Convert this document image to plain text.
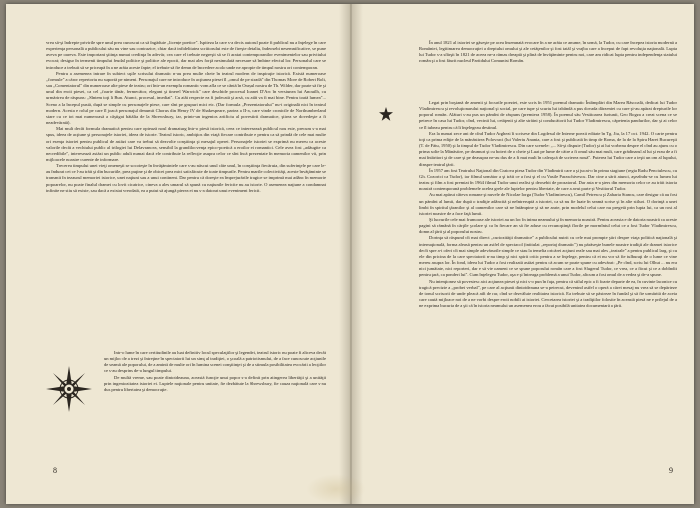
vrea să-şi îndrepte privirile spre unul prea cunoscut ca să îngăduie „licențe poetice". Ispiteza la care s-a decis autorul poate fi publicul nu a înţelege în care experienţa personală a publicului său nu vine sau contrazice, chiar dacă infidelitatea scriitorului este de fireşte detaliu, îndeosebi nesemnificative, se pune aveva pe oareva. Este important ştiinţa numai credinţa în adevăr, cea care el trebuie negreşit să se fi aratat contemporanilor evenimentelor sau privitului evocat; desigur în termenii timpului feudal politice şi politice ale epocii, dar mai ales forţă nesimulată necesare să îmbine efectul lor. Personalul care se introduce a trebuit să se priceapă în a ne arăta aceste fapte; el trebuie să fie demn de încredere acolo unde ne apropie de timpul nostru ori contemporan.

Pentru a asemenea intrare în subiect uşile scrisului dramatic n-au prea multe cheie în teatrul modern de inspiraţie istorică. Există numeroase „formule" a căror repertoriu nu suportă pe nimeni. Personajul care ne introduce în acţiunea piesei îl „omul de pe stradă" din Thomas More de Robert Bolt, sau „Comentatorul" din numeroase alte piese de teatru; ori într-un exemplu romantic vom afla ce se cântă în Orașul nostru de Th. Wilder, dar poate să fie şi unul din eroii piesei, ca cel „foarte tânăr, fermecător, elegant şi tinerel Warwick" care deschide procesul Ioanei D'Arc în versiunea lui Anouilh, cu urmărirea de răspuns: „Sîntem toţi li Bun. Atunci, procesul, imediat". Cu atât respecte ea fi judecată şi arsă, cu atât va fi mai bine. Pentru toată lumea"... Sceno a la începul pustă, după se simple cu personajele piese, care sînt pe grupuri mici etc. (Dar formula „Prezentatorului" nu-i originală nici în teatrul modern. Acesta e rolul pe care îl joacă personajul denumit Chorus din Henry IV de Shakespeare, partea a II-a, care vinde cronicile de Northumberland stare cu ce tot mai numeroasă a câştigat bătălia de la Shrewsbury, iar, printr-un ingenios artificiu al povestirii dramatice, ştirea se dovedeşte a fi neadevărată).

Mai mult decât formula dramatică pentru care optează noul dramaturg într-o piesă istorică, ceea ce interesează publicul nou este, precum s-a mai spus, ideea de acţiune şi personajele istoriei, ideea de istorie. Teatrul istoric, ambiţios din viaţă fiecare contribuie e pentru ca să prindă de cele mai multe ori esenţa istoriei pentru publicul de astăzi care va trebui să dezvolte conştiinţa şi mesajul operei. Personajele istoriei se exprimă nu mereu ca aceste valorile decât a vechiului public al trilogiei lui Delavrancea, sensibil la grandilocvenţa epico-poetică a eroilor ei romantici. Cele avea fost „adăugite ca necredibile", interesează astăzi un public adult numai dacă ele contribuie la reflecţie asupra celor ce sînt încă prezentate în memoria oamenilor vii, prin mijloacele noastre curente de informare.

Trecerea timpului unei vieţi omeneşti se socoteşte în învăţămintele care s-au născut unul câte unul, în conştiinţa fiecăruia, din suferinţele pe care le-au îndurat cei ce l-au trăit şi din bucuriile, prea puţine şi de obicei prea mici satisfăcute de toate timpurile. Pentru marile colectivităţi, aceste învăţăminte se transmit în tezaurul memoriei istorice, unei naţiuni sau a unui continent. Dar pentru că doreşte ea împrejurările tragice se imprimă mai adânc în memorie popoarelor, nu poate finalul dramei cu lovit cicatrice, cineva a ales umarul să spună cu naţiunile fericite nu au istorie. O asemenea naţiune a condamnat infinite ne stiu să existe, sau dacă a existat vreodată, ea a putut să ajungă pierea ei nu s-a datorat unui eveniment fericit.

Intr-o lume în care certitudinile au luat definitiv locul speculaţiilor şi legendei, teatrul istoric nu poate fi altceva decât un mijloc de a trezi şi întreţine în spectatorii lui un simţ al tradiţiei, o şcoală a patriotismului, de a face cunoscute acţiunile de seamă ale poporului, de a aminti de multe ori în lumina scenei conştiinţei şi de a stimula posibilitatea evocării a lecţiilor ce s-au desprins de-a lungul timpului.

De multă vreme, sau poate dintotdeauna, această funcţie unui popor s-a definit prin atingerea libertăţii şi a unităţii prin ingeniozitatea istoriei ei. Luptele naţionale pentru unitate, fie dezbătute la Shrewsbury, fie cauza naţională care s-au dus pentru libertatea şi democraţie.

8

În anul 1821 al istoriei se găseşte pe acea însemnată evocare în a ne arăta ce anume, în urmă, la Tudor, cu care începea istoria modernă a României, legitimarea democraţiei a dreptului omului şi ale cetăţenilor şi fost tatăl şi vrajba care a început de fapt revoluţia naţională. Lupta lui Tudor s-a sfârşit în 1821 de aceea ne-a rămas dreaptă şi plină de învăţăminte pentru noi, care am ridicat lupta pentru independenţa statului român şi a fost făurit nucleul Partidului Comunist Român.

Legat prin boşiană de amenii şi focurile poeziei, este scris în 1951 poemul dramatic Întâmplări din Marea Răscoală, dedicat lui Tudor Vladimirescu şi revoluţionarului naţional şi social, pe care tupe şi scurtu lui izbândă a pus dovada dârzeniei cu care şi-au apărat drepturile lor poporul român. Alături s-au pus un pămînt de răspuns (premiera 1958). În poemul său Vestitoarea furtunii, Geo Bogza a creat scena ce se petrece în casa lui Tudor, cînd, vecinii lui, cetăţenii şi alte străini şi conducătorii lui Tudor Vladimirescu, căpetenia pandurilor, dar şi ai celor ce îl iubeau pentru că îi înţelegeau destinul.

Era la numai zece ani de cînd Tudor Arghezi îi scrisese din Logdesul de Interne poezii editate în Tg. Jiu, la 17 oct. 1942. O carte pentru toţi ca prima ediţie de la mănăstirea Polovraci (lui Valeriu Anania, care a fost şi publicată în timp de Roma, de la de la Spiru Haret Bucureşti (T. de Fătu, 1950) şi la timpul de Tudor Vladimirescu. Din care scenele: „... Să-şi dispuie (Tudor) şi ai lui vorbeau despre el cînd au ajuns cu o prima solie la Mănăstire, pe drumuri şi cu boieri de o cheie şi Luat pe lume de către a fi omul său mai mult, care grădinarul al lui şi erau de a fi mai întăritori şi de care şi pe deasupra ne-au dus de a fi mai mult în caleaşcă de scrierea nouă". Puterea lui Tudor care a ieşit un om al lupului, dinspre teatrul ţării.

În 1957 am fost Teatrului Naţional din Craiova piesa Tudor din Vladimirii care a şi jucat-o în prima stagiune (regia Radu Penciulescu, cu Gh. Cozorici ca Tudor), iar filmul următor a şi trăit ce a fost şi el cu Vasile Paraschivescu. Dar cine a sărit atunci, aşezîndu-se cu lumea lui teatru şi film a fost premiat în 1964 filmul Tudor unui realist şi deosebit de prozatorul. Dar asta n-a şters din memoria celor ce au trăit istoria noastră contemporană problemele acelea grele ale luptelor pentru libertate, de care a avut parte şi Vestitorul Tudor.

Au mai apărut câteva romane şi nuvele de Nicolae Iorga (Tudor Vladimirescu), Camil Petrescu şi Zaharia Stancu, care desigur că au fost un pămînt al lumii, dar după o tradiţie adâncită şi neîntreruptă a istoriei, ca să nu fie luate în seamă scrise şi în alte stiluri. O dorinţă a unei limbi în spiritul ţăranilor şi al oamenilor care să ne întâmpine şi să ne arate, prin modelul celui care nu pregetă prin lupta lui, ca un rost al istoriei noastre de a face faţă lumii.

Şi lucrurile cele mai frumoase ale istoriei au un loc în inima neamului şi în memoria noastră. Pentru aceasta e de datoria noastră ca aceste pagini să rămână în cărţile şcolare şi ca în fiecare an să fie aduse cu recunoştinţă florile pe mormîntul celui ce a fost Tudor Vladimirescu, domn al ţării şi al poporului nostru.

Dorinţa să răspund cît mai direct „curiozităţii dramatice" a publicului nutrit cu cele mai prompte ştiri despre viaţa politică naţională şi internaţională, forma aleasă pentru un astfel de spectacol (intitulat „reportaj dramatic") nu părăseşte bunele noastre tradiţii ale dramei istorice decît spre a-i oferi cît mai simple adevărurile simple ce stau la temelia oricărei acţiuni reale sau mai ales „teatrale" a pentru publicul larg, şi cu ele din pricina de la care spectatorii n-au timp şi nici spirit critic pentru a se înţelege, pentru că ei nu vor să fie tulburaţi de o lume ce vine mereu asupra lor. În fond, ideea lui Tudor a fost realizată astăzi pentru că acum se poate spune cu adevărat: „Pe cînd, scriu lui Olhut ... nu era nici jumătate, nici reporteri, dar e să vie oameni ce se spune poporului român care a fost Slugerul Tudor, ce vrea, ce a făcut şi ce a dobîndit pentru ţară, ca ponderi lui". Cum înţelegea Tudor, aşa e şi întreaga problemă a unui Tudor, altcum a fost omul de a vedea şi de-a spune.

Nu intenţionez să povestesc aici acţiunea piesei şi nici s-o pun în faţa, pentru că stilul epic a fi foarte departe de ea, în cuvinte laconice cu tragică precizie a „probei verbal", pe care al acţiunii dintotdeauna se-a petrecut, devenind astfel o operă a cărei mesaj nu vrea să se depărteze de tonul scrisorii de unde pleacă atît de rar, cînd se dezvăluie realitatea istorică. Ea trebuie să se păstreze în fundal şi să fie urmărită de aceia care caută mijloace noi de a ne vorbi despre eroii nobili ai istoriei. Cercetarea istoriei şi a tradiţiilor folosite în această piesă ne e prilejul de a ne exprima bucuria de a şti că în istoria neamului un asemenea erou a făcut posibilă unitatea documentară a ţării.

9
